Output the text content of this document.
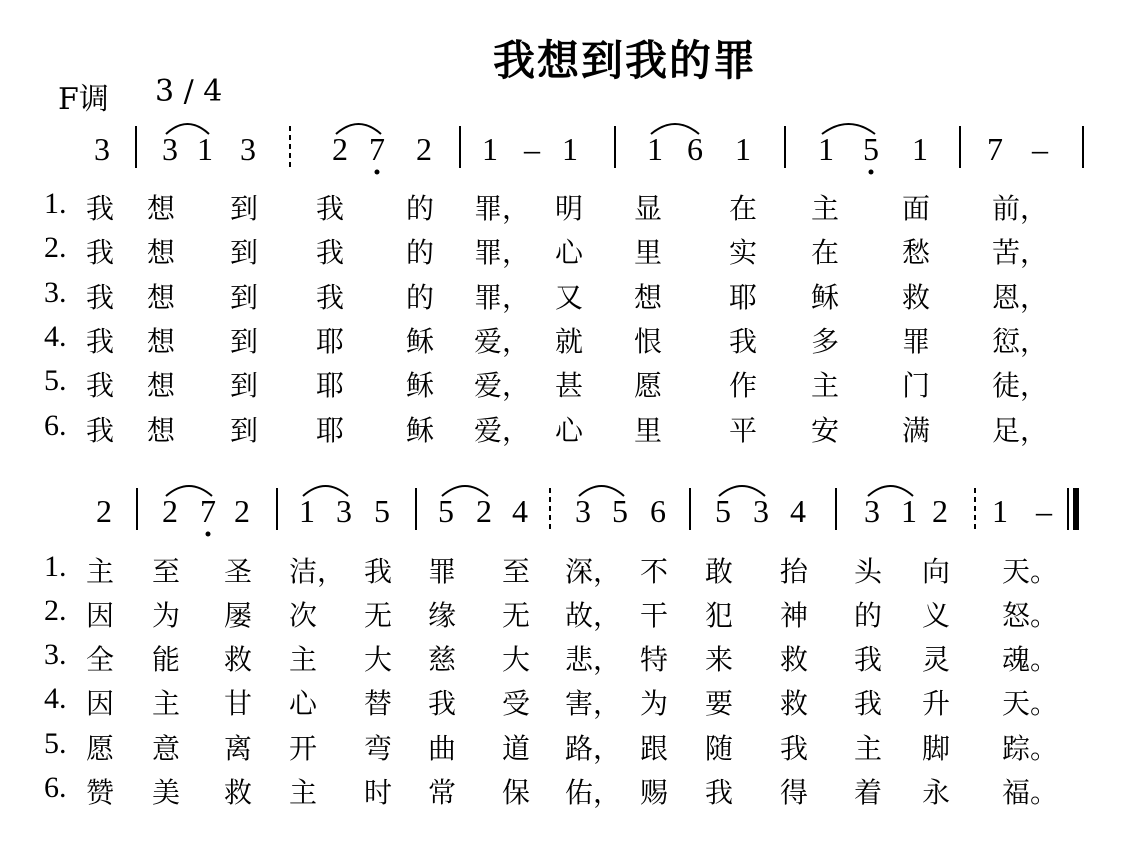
我想到我的罪
F调 3 / 4
3 3 1 3 2 7 2 1 – 1 1 6 1 1 5 1 7 –
2 2 7 2 1 3 5 5 2 4 3 5 6 5 3 4 3 1 2 1 –
1. 我 想 到 我 的 罪， 明 显 在 主 面 前，
2. 我 想 到 我 的 罪， 心 里 实 在 愁 苦，
3. 我 想 到 我 的 罪， 又 想 耶 稣 救 恩，
4. 我 想 到 耶 稣 爱， 就 恨 我 多 罪 愆，
5. 我 想 到 耶 稣 爱， 甚 愿 作 主 门 徒，
6. 我 想 到 耶 稣 爱， 心 里 平 安 满 足，
1. 主 至 圣 洁， 我 罪 至 深， 不 敢 抬 头 向 天。
2. 因 为 屡 次 无 缘 无 故， 干 犯 神 的 义 怒。
3. 全 能 救 主 大 慈 大 悲， 特 来 救 我 灵 魂。
4. 因 主 甘 心 替 我 受 害， 为 要 救 我 升 天。
5. 愿 意 离 开 弯 曲 道 路， 跟 随 我 主 脚 踪。
6. 赞 美 救 主 时 常 保 佑， 赐 我 得 着 永 福。
